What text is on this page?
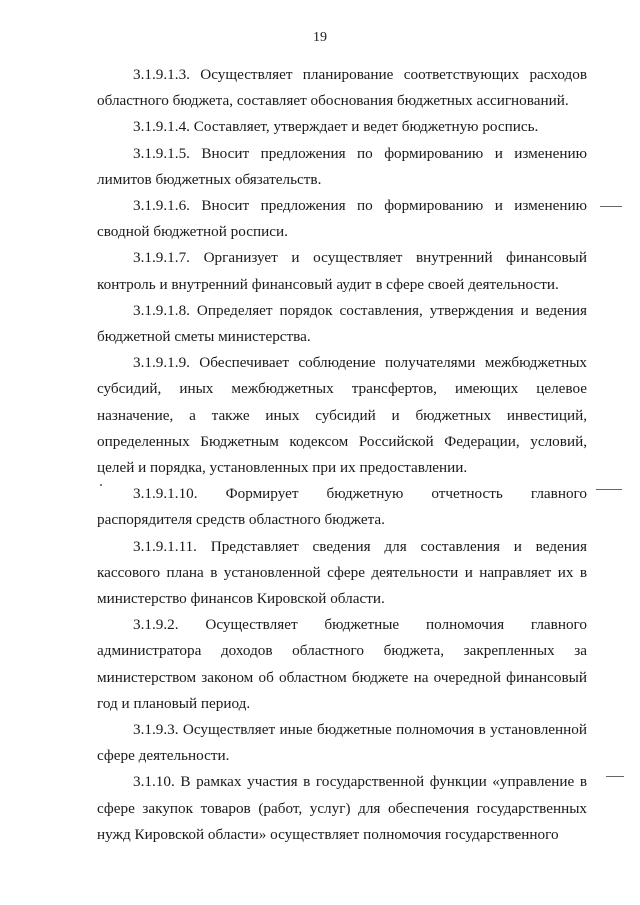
19

3.1.9.1.3. Осуществляет планирование соответствующих расходов областного бюджета, составляет обоснования бюджетных ассигнований.

3.1.9.1.4. Составляет, утверждает и ведет бюджетную роспись.

3.1.9.1.5. Вносит предложения по формированию и изменению лимитов бюджетных обязательств.

3.1.9.1.6. Вносит предложения по формированию и изменению сводной бюджетной росписи.

3.1.9.1.7. Организует и осуществляет внутренний финансовый контроль и внутренний финансовый аудит в сфере своей деятельности.

3.1.9.1.8. Определяет порядок составления, утверждения и ведения бюджетной сметы министерства.

3.1.9.1.9. Обеспечивает соблюдение получателями межбюджетных субсидий, иных межбюджетных трансфертов, имеющих целевое назначение, а также иных субсидий и бюджетных инвестиций, определенных Бюджетным кодексом Российской Федерации, условий, целей и порядка, установленных при их предоставлении.

3.1.9.1.10. Формирует бюджетную отчетность главного распорядителя средств областного бюджета.

3.1.9.1.11. Представляет сведения для составления и ведения кассового плана в установленной сфере деятельности и направляет их в министерство финансов Кировской области.

3.1.9.2. Осуществляет бюджетные полномочия главного администратора доходов областного бюджета, закрепленных за министерством законом об областном бюджете на очередной финансовый год и плановый период.

3.1.9.3. Осуществляет иные бюджетные полномочия в установленной сфере деятельности.

3.1.10. В рамках участия в государственной функции «управление в сфере закупок товаров (работ, услуг) для обеспечения государственных нужд Кировской области» осуществляет полномочия государственного
